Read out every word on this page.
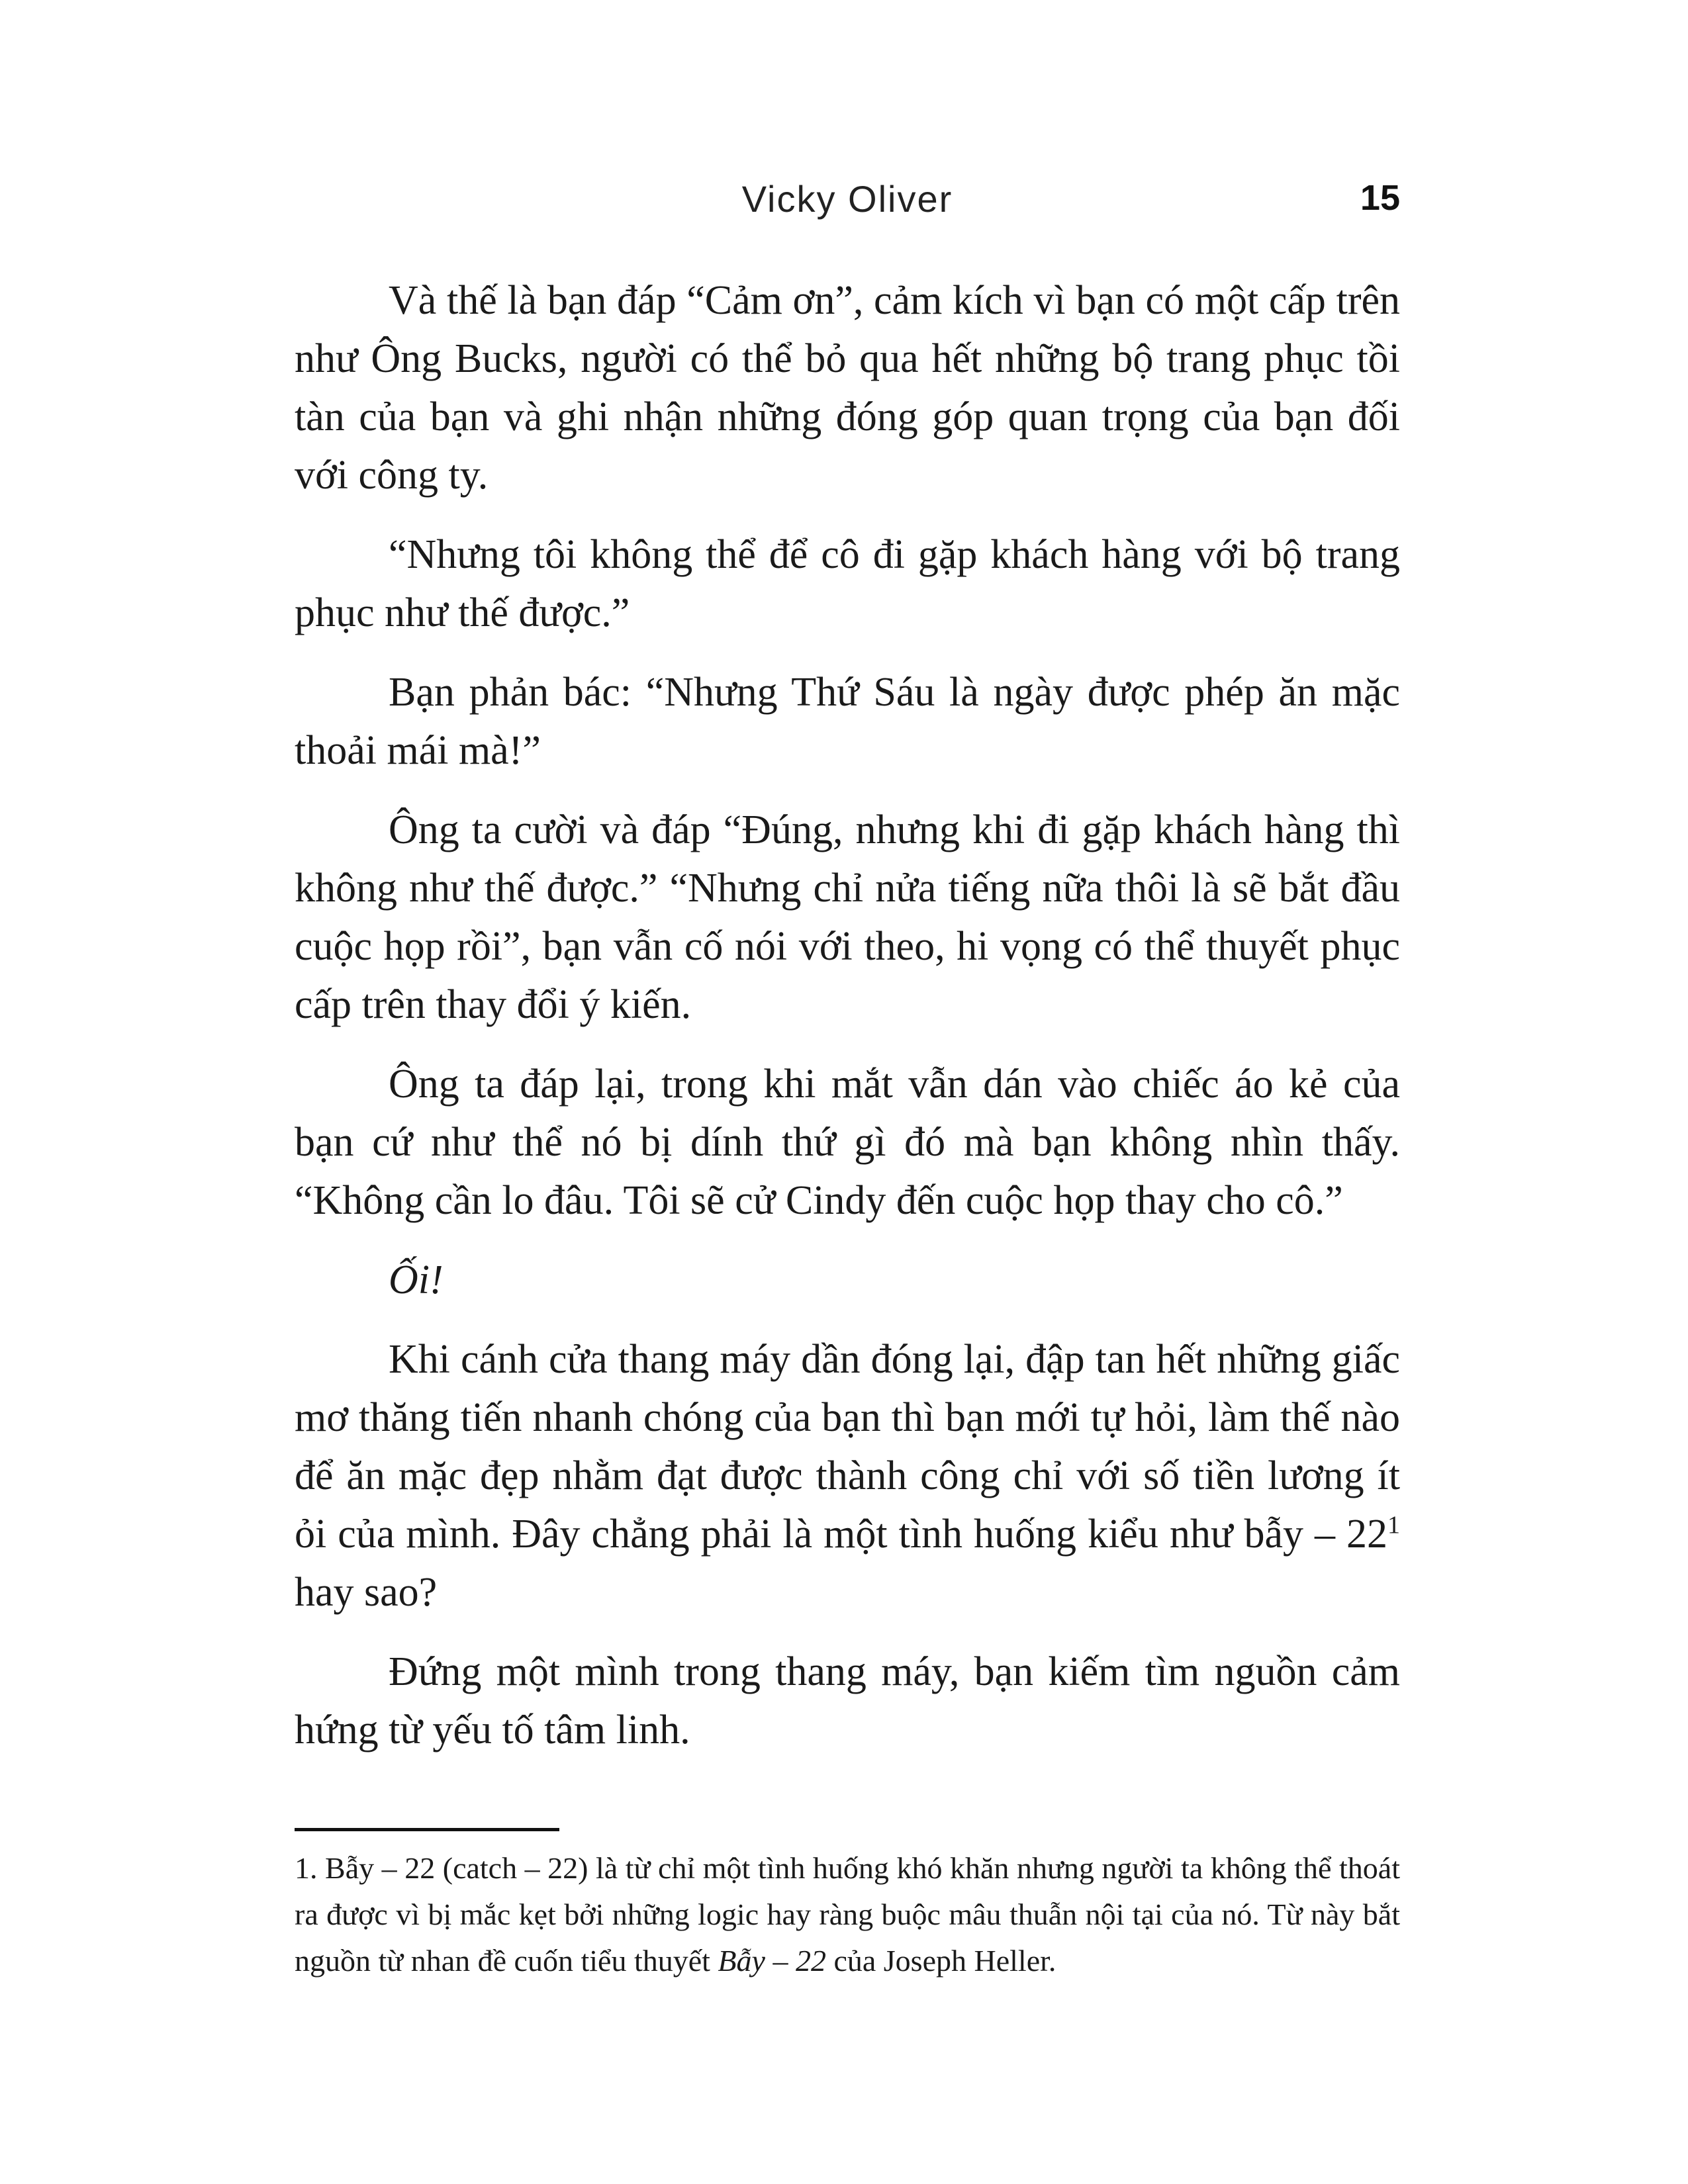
Vicky Oliver	15

Và thế là bạn đáp “Cảm ơn”, cảm kích vì bạn có một cấp trên như Ông Bucks, người có thể bỏ qua hết những bộ trang phục tồi tàn của bạn và ghi nhận những đóng góp quan trọng của bạn đối với công ty.

“Nhưng tôi không thể để cô đi gặp khách hàng với bộ trang phục như thế được.”

Bạn phản bác: “Nhưng Thứ Sáu là ngày được phép ăn mặc thoải mái mà!”

Ông ta cười và đáp “Đúng, nhưng khi đi gặp khách hàng thì không như thế được.” “Nhưng chỉ nửa tiếng nữa thôi là sẽ bắt đầu cuộc họp rồi”, bạn vẫn cố nói với theo, hi vọng có thể thuyết phục cấp trên thay đổi ý kiến.

Ông ta đáp lại, trong khi mắt vẫn dán vào chiếc áo kẻ của bạn cứ như thể nó bị dính thứ gì đó mà bạn không nhìn thấy. “Không cần lo đâu. Tôi sẽ cử Cindy đến cuộc họp thay cho cô.”

Ối!

Khi cánh cửa thang máy dần đóng lại, đập tan hết những giấc mơ thăng tiến nhanh chóng của bạn thì bạn mới tự hỏi, làm thế nào để ăn mặc đẹp nhằm đạt được thành công chỉ với số tiền lương ít ỏi của mình. Đây chẳng phải là một tình huống kiểu như bẫy – $22^1$ hay sao?

Đứng một mình trong thang máy, bạn kiếm tìm nguồn cảm hứng từ yếu tố tâm linh.

1. Bẫy – 22 (catch – 22) là từ chỉ một tình huống khó khăn nhưng người ta không thể thoát ra được vì bị mắc kẹt bởi những logic hay ràng buộc mâu thuẫn nội tại của nó. Từ này bắt nguồn từ nhan đề cuốn tiểu thuyết Bẫy – 22 của Joseph Heller.
